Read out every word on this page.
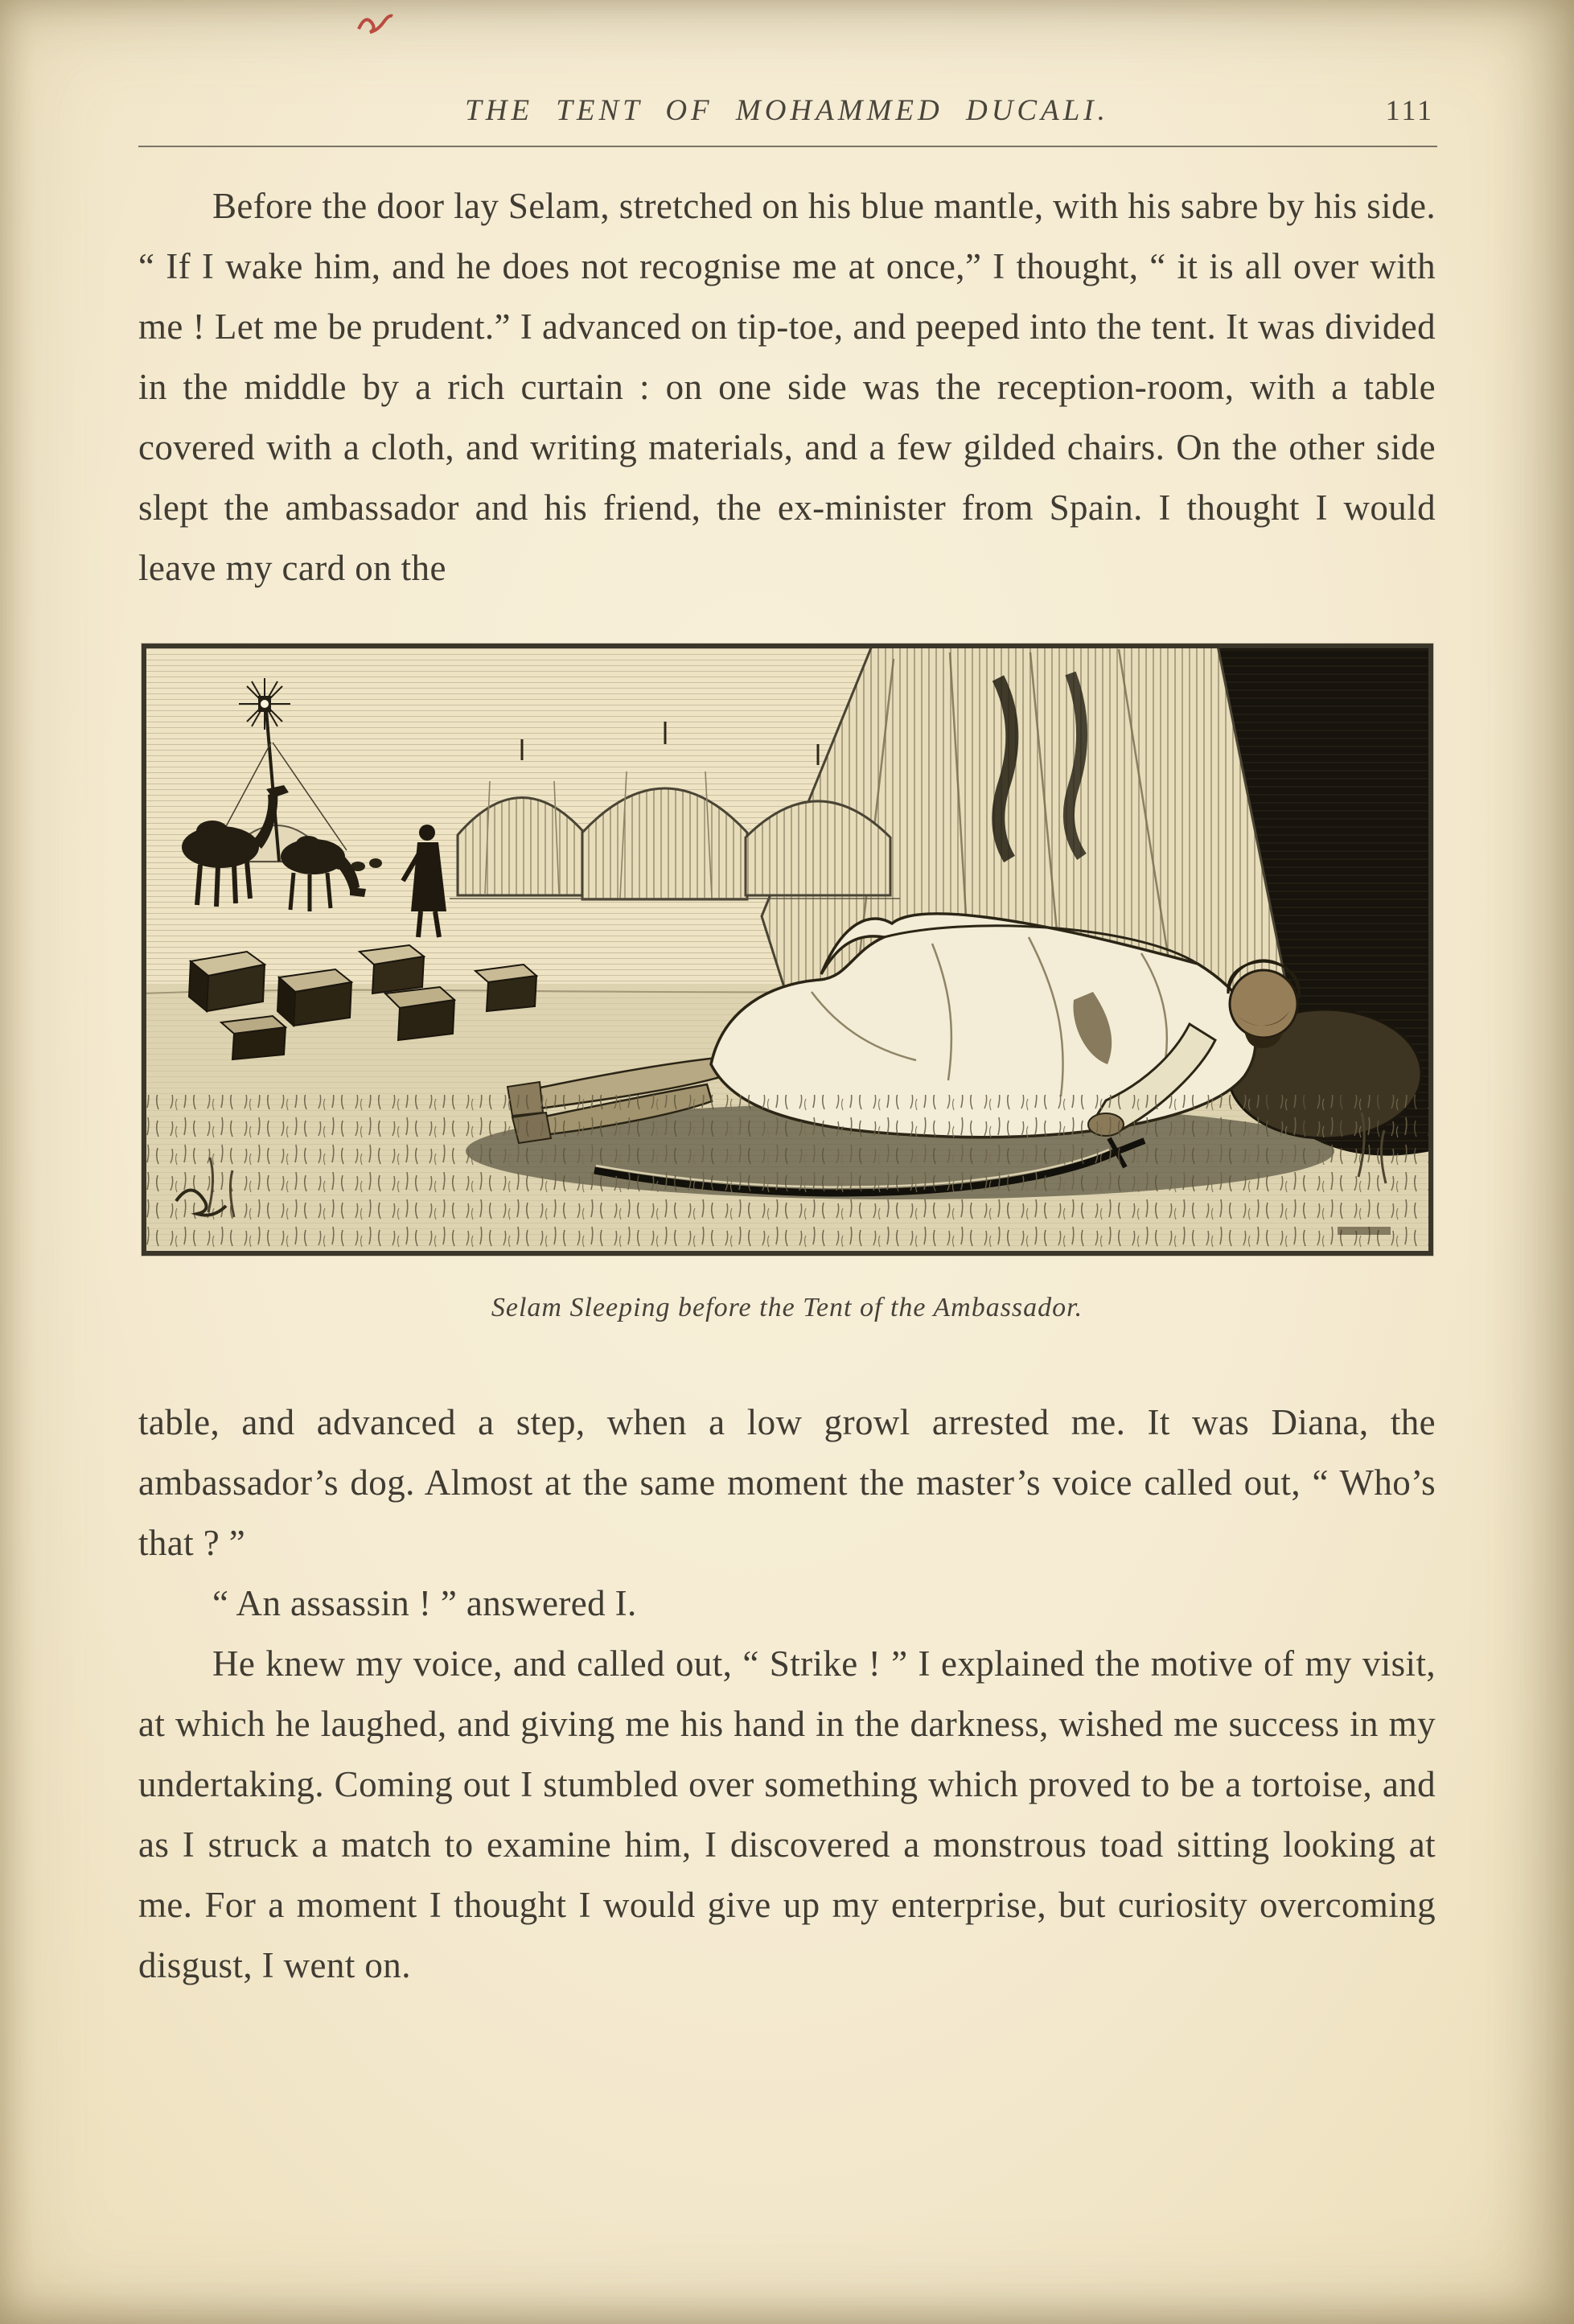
THE TENT OF MOHAMMED DUCALI.	111

Before the door lay Selam, stretched on his blue mantle, with his sabre by his side. “ If I wake him, and he does not recognise me at once,” I thought, “ it is all over with me ! Let me be prudent.” I advanced on tip-toe, and peeped into the tent. It was divided in the middle by a rich curtain : on one side was the reception-room, with a table covered with a cloth, and writing materials, and a few gilded chairs. On the other side slept the ambassador and his friend, the ex-minister from Spain. I thought I would leave my card on the

Selam Sleeping before the Tent of the Ambassador.

table, and advanced a step, when a low growl arrested me. It was Diana, the ambassador’s dog. Almost at the same moment the master’s voice called out, “ Who’s that ? ”

“ An assassin ! ” answered I.

He knew my voice, and called out, “ Strike ! ” I explained the motive of my visit, at which he laughed, and giving me his hand in the darkness, wished me success in my undertaking. Coming out I stumbled over something which proved to be a tortoise, and as I struck a match to examine him, I discovered a monstrous toad sitting looking at me. For a moment I thought I would give up my enterprise, but curiosity overcoming disgust, I went on.
